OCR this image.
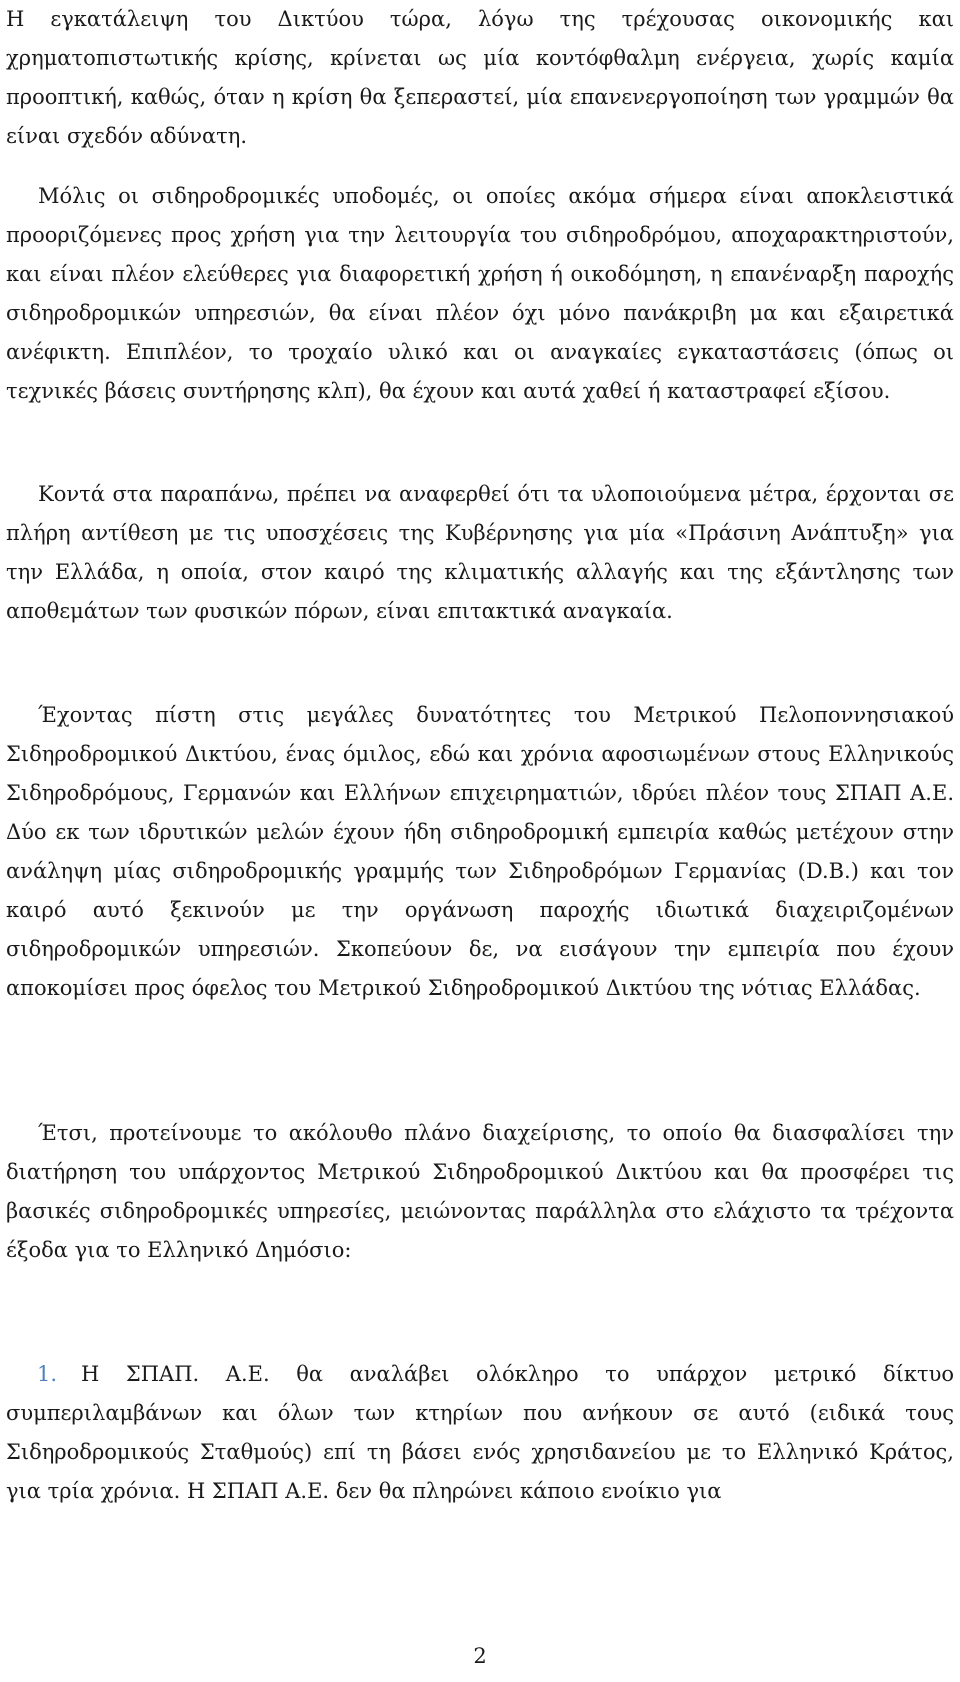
Η εγκατάλειψη του Δικτύου τώρα, λόγω της τρέχουσας οικονομικής και χρηματοπιστωτικής κρίσης, κρίνεται ως μία κοντόφθαλμη ενέργεια, χωρίς καμία προοπτική, καθώς, όταν η κρίση θα ξεπεραστεί, μία επανενεργοποίηση των γραμμών θα είναι σχεδόν αδύνατη.

Μόλις οι σιδηροδρομικές υποδομές, οι οποίες ακόμα σήμερα είναι αποκλειστικά προοριζόμενες προς χρήση για την λειτουργία του σιδηροδρόμου, αποχαρακτηριστούν, και είναι πλέον ελεύθερες για διαφορετική χρήση ή οικοδόμηση, η επανέναρξη παροχής σιδηροδρομικών υπηρεσιών, θα είναι πλέον όχι μόνο πανάκριβη μα και εξαιρετικά ανέφικτη. Επιπλέον, το τροχαίο υλικό και οι αναγκαίες εγκαταστάσεις (όπως οι τεχνικές βάσεις συντήρησης κλπ), θα έχουν και αυτά χαθεί ή καταστραφεί εξίσου.

Κοντά στα παραπάνω, πρέπει να αναφερθεί ότι τα υλοποιούμενα μέτρα, έρχονται σε πλήρη αντίθεση με τις υποσχέσεις της Κυβέρνησης για μία «Πράσινη Ανάπτυξη» για την Ελλάδα, η οποία, στον καιρό της κλιματικής αλλαγής και της εξάντλησης των αποθεμάτων των φυσικών πόρων, είναι επιτακτικά αναγκαία.

Έχοντας πίστη στις μεγάλες δυνατότητες του Μετρικού Πελοποννησιακού Σιδηροδρομικού Δικτύου, ένας όμιλος, εδώ και χρόνια αφοσιωμένων στους Ελληνικούς Σιδηροδρόμους, Γερμανών και Ελλήνων επιχειρηματιών, ιδρύει πλέον τους ΣΠΑΠ Α.Ε. Δύο εκ των ιδρυτικών μελών έχουν ήδη σιδηροδρομική εμπειρία καθώς μετέχουν στην ανάληψη μίας σιδηροδρομικής γραμμής των Σιδηροδρόμων Γερμανίας (D.B.) και τον καιρό αυτό ξεκινούν με την οργάνωση παροχής ιδιωτικά διαχειριζομένων σιδηροδρομικών υπηρεσιών. Σκοπεύουν δε, να εισάγουν την εμπειρία που έχουν αποκομίσει προς όφελος του Μετρικού Σιδηροδρομικού Δικτύου της νότιας Ελλάδας.

Έτσι, προτείνουμε το ακόλουθο πλάνο διαχείρισης, το οποίο θα διασφαλίσει την διατήρηση του υπάρχοντος Μετρικού Σιδηροδρομικού Δικτύου και θα προσφέρει τις βασικές σιδηροδρομικές υπηρεσίες, μειώνοντας παράλληλα στο ελάχιστο τα τρέχοντα έξοδα για το Ελληνικό Δημόσιο:

1. Η ΣΠΑΠ. Α.Ε. θα αναλάβει ολόκληρο το υπάρχον μετρικό δίκτυο συμπεριλαμβάνων και όλων των κτηρίων που ανήκουν σε αυτό (ειδικά τους Σιδηροδρομικούς Σταθμούς) επί τη βάσει ενός χρησιδανείου με το Ελληνικό Κράτος, για τρία χρόνια. Η ΣΠΑΠ Α.Ε. δεν θα πληρώνει κάποιο ενοίκιο για

2
